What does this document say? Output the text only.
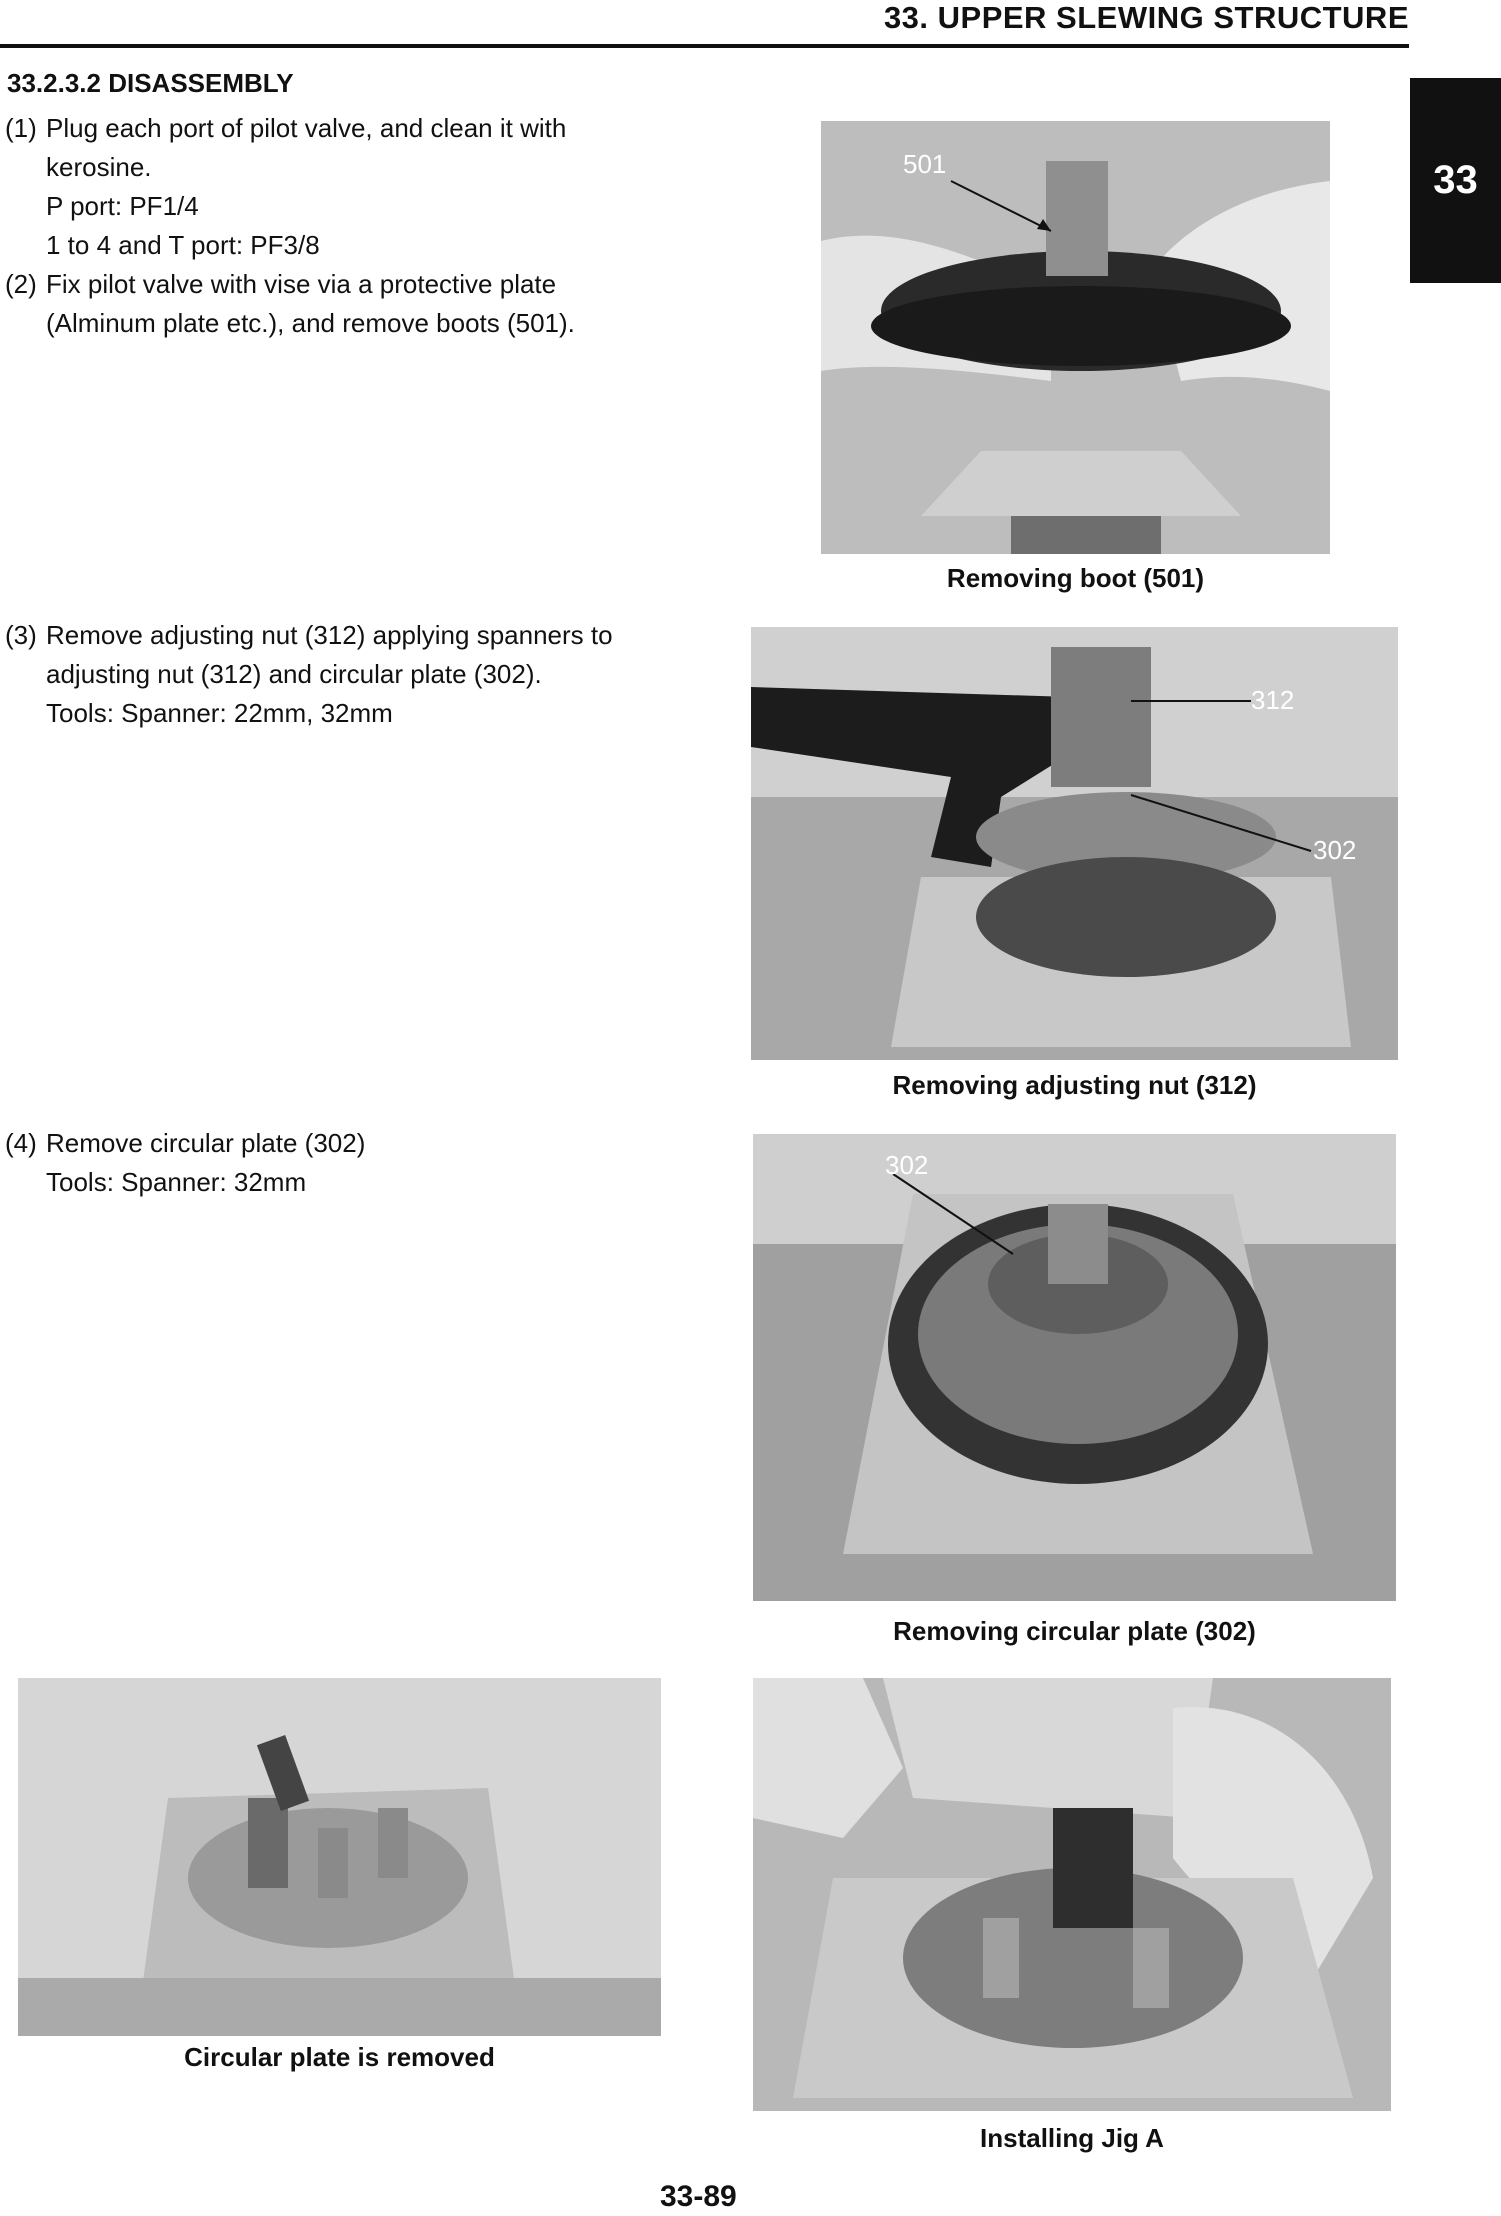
33. UPPER SLEWING STRUCTURE
33
33.2.3.2 DISASSEMBLY
(1) Plug each port of pilot valve, and clean it with
kerosine.
P port: PF1/4
1 to 4 and T port: PF3/8
(2) Fix pilot valve with vise via a protective plate
(Alminum plate etc.), and remove boots (501).
(3) Remove adjusting nut (312) applying spanners to
adjusting nut (312) and circular plate (302).
Tools: Spanner: 22mm, 32mm
(4) Remove circular plate (302)
Tools: Spanner: 32mm
501
Removing boot (501)
312
302
Removing adjusting nut (312)
302
Removing circular plate (302)
Circular plate is removed
Installing Jig A
33-89
